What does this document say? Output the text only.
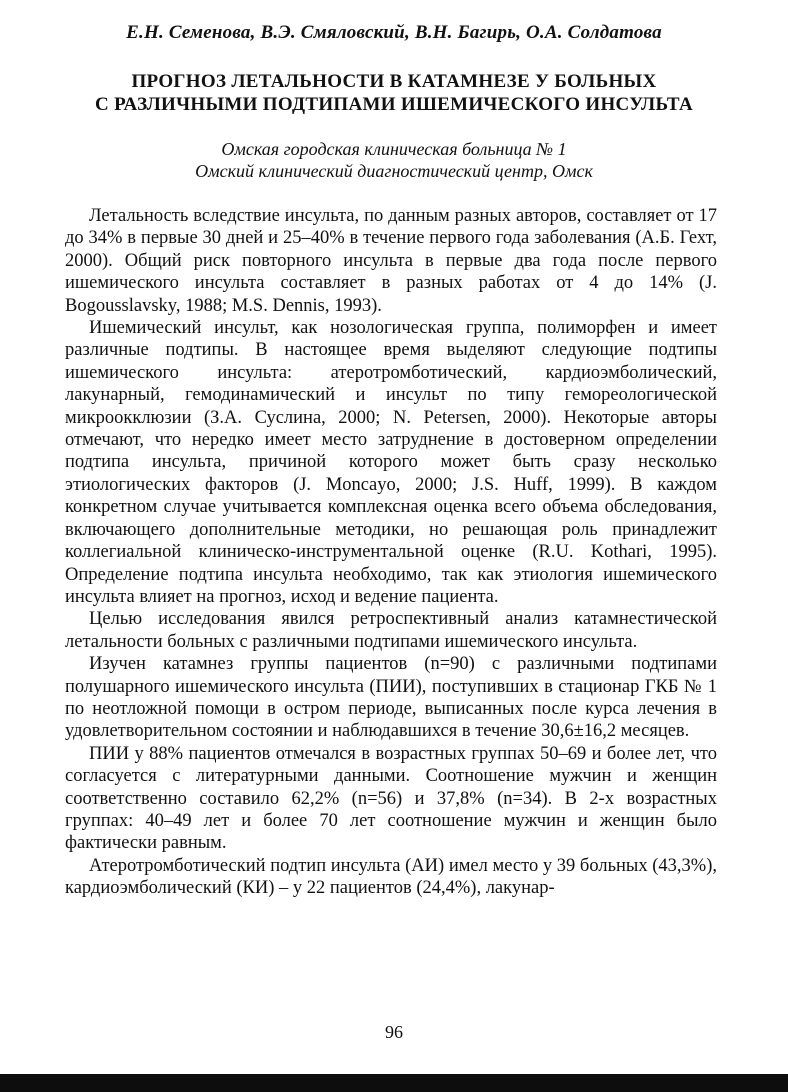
Е.Н. Семенова, В.Э. Смяловский, В.Н. Багирь, О.А. Солдатова
ПРОГНОЗ ЛЕТАЛЬНОСТИ В КАТАМНЕЗЕ У БОЛЬНЫХ
С РАЗЛИЧНЫМИ ПОДТИПАМИ ИШЕМИЧЕСКОГО ИНСУЛЬТА
Омская городская клиническая больница № 1
Омский клинический диагностический центр, Омск

Летальность вследствие инсульта, по данным разных авторов, составляет от 17 до 34% в первые 30 дней и 25–40% в течение первого года заболевания (А.Б. Гехт, 2000). Общий риск повторного инсульта в первые два года после первого ишемического инсульта составляет в разных работах от 4 до 14% (J. Bogousslavsky, 1988; M.S. Dennis, 1993).

Ишемический инсульт, как нозологическая группа, полиморфен и имеет различные подтипы. В настоящее время выделяют следующие подтипы ишемического инсульта: атеротромботический, кардиоэмболический, лакунарный, гемодинамический и инсульт по типу гемореологической микроокклюзии (З.А. Суслина, 2000; N. Petersen, 2000). Некоторые авторы отмечают, что нередко имеет место затруднение в достоверном определении подтипа инсульта, причиной которого может быть сразу несколько этиологических факторов (J. Moncayo, 2000; J.S. Huff, 1999). В каждом конкретном случае учитывается комплексная оценка всего объема обследования, включающего дополнительные методики, но решающая роль принадлежит коллегиальной клиническо-инструментальной оценке (R.U. Kothari, 1995). Определение подтипа инсульта необходимо, так как этиология ишемического инсульта влияет на прогноз, исход и ведение пациента.

Целью исследования явился ретроспективный анализ катамнестической летальности больных с различными подтипами ишемического инсульта.

Изучен катамнез группы пациентов (n=90) с различными подтипами полушарного ишемического инсульта (ПИИ), поступивших в стационар ГКБ № 1 по неотложной помощи в остром периоде, выписанных после курса лечения в удовлетворительном состоянии и наблюдавшихся в течение 30,6±16,2 месяцев.

ПИИ у 88% пациентов отмечался в возрастных группах 50–69 и более лет, что согласуется с литературными данными. Соотношение мужчин и женщин соответственно составило 62,2% (n=56) и 37,8% (n=34). В 2-х возрастных группах: 40–49 лет и более 70 лет соотношение мужчин и женщин было фактически равным.

Атеротромботический подтип инсульта (АИ) имел место у 39 больных (43,3%), кардиоэмболический (КИ) – у 22 пациентов (24,4%), лакунар-

96
